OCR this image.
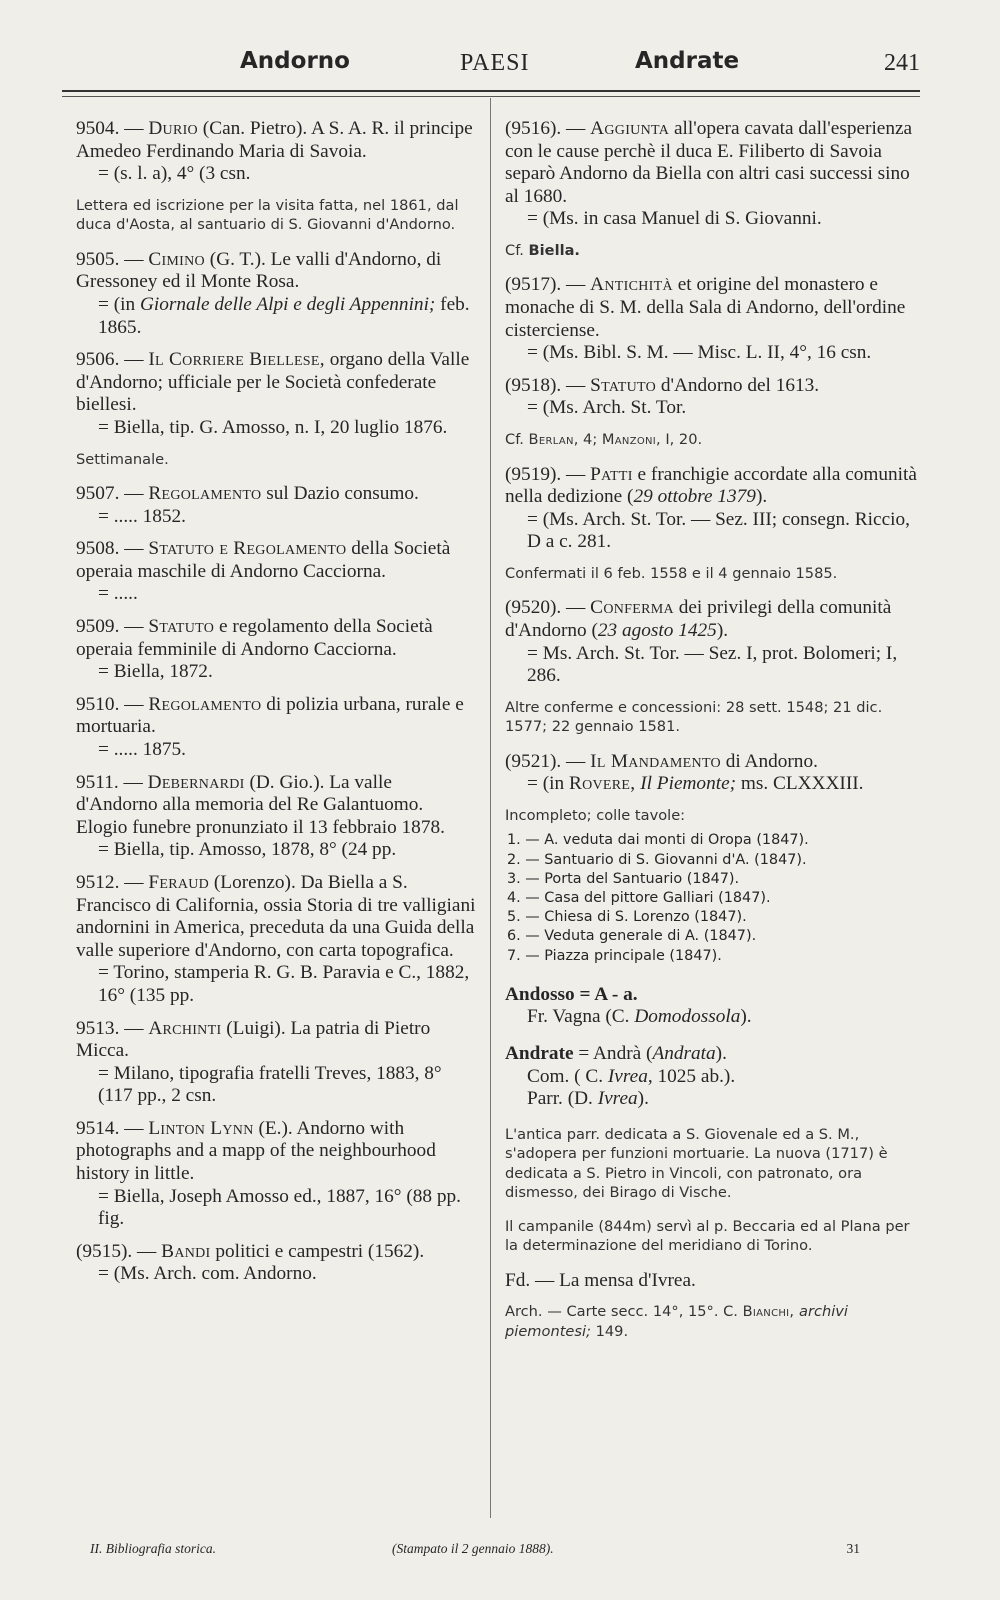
Andorno	PAESI	Andrate	241
9504. — Durio (Can. Pietro). A S. A. R. il principe Amedeo Ferdinando Maria di Savoia.
= (s. l. a), 4° (3 csn.
Lettera ed iscrizione per la visita fatta, nel 1861, dal duca d'Aosta, al santuario di S. Giovanni d'Andorno.
9505. — Cimino (G. T.). Le valli d'Andorno, di Gressoney ed il Monte Rosa.
= (in Giornale delle Alpi e degli Appennini; feb. 1865.
9506. — Il Corriere Biellese, organo della Valle d'Andorno; ufficiale per le Società confederate biellesi.
= Biella, tip. G. Amosso, n. I, 20 luglio 1876.
Settimanale.
9507. — Regolamento sul Dazio consumo.
= ..... 1852.
9508. — Statuto e Regolamento della Società operaia maschile di Andorno Cacciorna.
= .....
9509. — Statuto e regolamento della Società operaia femminile di Andorno Cacciorna.
= Biella, 1872.
9510. — Regolamento di polizia urbana, rurale e mortuaria.
= ..... 1875.
9511. — Debernardi (D. Gio.). La valle d'Andorno alla memoria del Re Galantuomo. Elogio funebre pronunziato il 13 febbraio 1878.
= Biella, tip. Amosso, 1878, 8° (24 pp.
9512. — Feraud (Lorenzo). Da Biella a S. Francisco di California, ossia Storia di tre valligiani andornini in America, preceduta da una Guida della valle superiore d'Andorno, con carta topografica.
= Torino, stamperia R. G. B. Paravia e C., 1882, 16° (135 pp.
9513. — Archinti (Luigi). La patria di Pietro Micca.
= Milano, tipografia fratelli Treves, 1883, 8° (117 pp., 2 csn.
9514. — Linton Lynn (E.). Andorno with photographs and a mapp of the neighbourhood history in little.
= Biella, Joseph Amosso ed., 1887, 16° (88 pp. fig.
(9515). — Bandi politici e campestri (1562).
= (Ms. Arch. com. Andorno.
(9516). — Aggiunta all'opera cavata dall'esperienza con le cause perchè il duca E. Filiberto di Savoia separò Andorno da Biella con altri casi successi sino al 1680.
= (Ms. in casa Manuel di S. Giovanni.
Cf. Biella.
(9517). — Antichità et origine del monastero e monache di S. M. della Sala di Andorno, dell'ordine cisterciense.
= (Ms. Bibl. S. M. — Misc. L. II, 4°, 16 csn.
(9518). — Statuto d'Andorno del 1613.
= (Ms. Arch. St. Tor.
Cf. Berlan, 4; Manzoni, I, 20.
(9519). — Patti e franchigie accordate alla comunità nella dedizione (29 ottobre 1379).
= (Ms. Arch. St. Tor. — Sez. III; consegn. Riccio, D a c. 281.
Confermati il 6 feb. 1558 e il 4 gennaio 1585.
(9520). — Conferma dei privilegi della comunità d'Andorno (23 agosto 1425).
= Ms. Arch. St. Tor. — Sez. I, prot. Bolomeri; I, 286.
Altre conferme e concessioni: 28 sett. 1548; 21 dic. 1577; 22 gennaio 1581.
(9521). — Il Mandamento di Andorno.
= (in Rovere, Il Piemonte; ms. CLXXXIII.
Incompleto; colle tavole:
1. — A. veduta dai monti di Oropa (1847).
2. — Santuario di S. Giovanni d'A. (1847).
3. — Porta del Santuario (1847).
4. — Casa del pittore Galliari (1847).
5. — Chiesa di S. Lorenzo (1847).
6. — Veduta generale di A. (1847).
7. — Piazza principale (1847).
Andosso = A - a.
Fr. Vagna (C. Domodossola).
Andrate = Andrà (Andrata).
Com. ( C. Ivrea, 1025 ab.).
Parr. (D. Ivrea).
L'antica parr. dedicata a S. Giovenale ed a S. M., s'adopera per funzioni mortuarie. La nuova (1717) è dedicata a S. Pietro in Vincoli, con patronato, ora dismesso, dei Birago di Vische.
Il campanile (844m) servì al p. Beccaria ed al Plana per la determinazione del meridiano di Torino.
Fd. — La mensa d'Ivrea.
Arch. — Carte secc. 14°, 15°. C. Bianchi, archivi piemontesi; 149.
II. Bibliografia storica.	(Stampato il 2 gennaio 1888).	31
